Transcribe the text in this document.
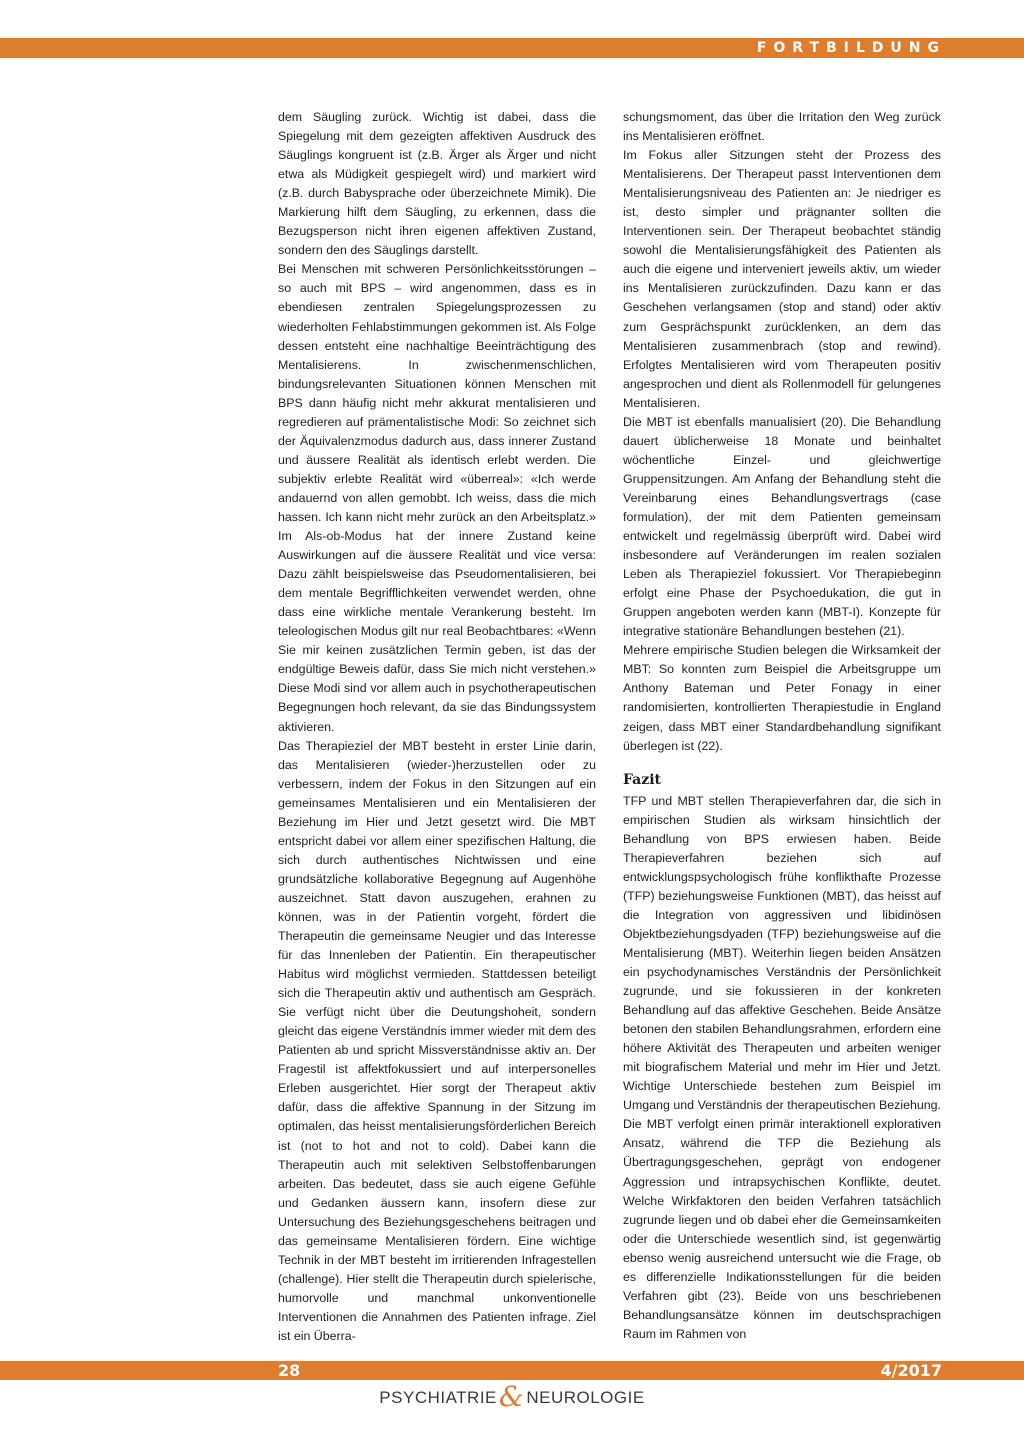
FORTBILDUNG

dem Säugling zurück. Wichtig ist dabei, dass die Spiegelung mit dem gezeigten affektiven Ausdruck des Säuglings kongruent ist (z.B. Ärger als Ärger und nicht etwa als Müdigkeit gespiegelt wird) und markiert wird (z.B. durch Babysprache oder überzeichnete Mimik). Die Markierung hilft dem Säugling, zu erkennen, dass die Bezugsperson nicht ihren eigenen affektiven Zustand, sondern den des Säuglings darstellt.

Bei Menschen mit schweren Persönlichkeitsstörungen – so auch mit BPS – wird angenommen, dass es in ebendiesen zentralen Spiegelungsprozessen zu wiederholten Fehlabstimmungen gekommen ist. Als Folge dessen entsteht eine nachhaltige Beeinträchtigung des Mentalisierens. In zwischenmenschlichen, bindungsrelevanten Situationen können Menschen mit BPS dann häufig nicht mehr akkurat mentalisieren und regredieren auf prämentalistische Modi: So zeichnet sich der Äquivalenzmodus dadurch aus, dass innerer Zustand und äussere Realität als identisch erlebt werden. Die subjektiv erlebte Realität wird «überreal»: «Ich werde andauernd von allen gemobbt. Ich weiss, dass die mich hassen. Ich kann nicht mehr zurück an den Arbeitsplatz.» Im Als-ob-Modus hat der innere Zustand keine Auswirkungen auf die äussere Realität und vice versa: Dazu zählt beispielsweise das Pseudomentalisieren, bei dem mentale Begrifflichkeiten verwendet werden, ohne dass eine wirkliche mentale Verankerung besteht. Im teleologischen Modus gilt nur real Beobachtbares: «Wenn Sie mir keinen zusätzlichen Termin geben, ist das der endgültige Beweis dafür, dass Sie mich nicht verstehen.» Diese Modi sind vor allem auch in psychotherapeutischen Begegnungen hoch relevant, da sie das Bindungssystem aktivieren.

Das Therapieziel der MBT besteht in erster Linie darin, das Mentalisieren (wieder-)herzustellen oder zu verbessern, indem der Fokus in den Sitzungen auf ein gemeinsames Mentalisieren und ein Mentalisieren der Beziehung im Hier und Jetzt gesetzt wird. Die MBT entspricht dabei vor allem einer spezifischen Haltung, die sich durch authentisches Nichtwissen und eine grundsätzliche kollaborative Begegnung auf Augenhöhe auszeichnet. Statt davon auszugehen, erahnen zu können, was in der Patientin vorgeht, fördert die Therapeutin die gemeinsame Neugier und das Interesse für das Innenleben der Patientin. Ein therapeutischer Habitus wird möglichst vermieden. Stattdessen beteiligt sich die Therapeutin aktiv und authentisch am Gespräch. Sie verfügt nicht über die Deutungshoheit, sondern gleicht das eigene Verständnis immer wieder mit dem des Patienten ab und spricht Missverständnisse aktiv an. Der Fragestil ist affektfokussiert und auf interpersonelles Erleben ausgerichtet. Hier sorgt der Therapeut aktiv dafür, dass die affektive Spannung in der Sitzung im optimalen, das heisst mentalisierungsförderlichen Bereich ist (not to hot and not to cold). Dabei kann die Therapeutin auch mit selektiven Selbstoffenbarungen arbeiten. Das bedeutet, dass sie auch eigene Gefühle und Gedanken äussern kann, insofern diese zur Untersuchung des Beziehungsgeschehens beitragen und das gemeinsame Mentalisieren fördern. Eine wichtige Technik in der MBT besteht im irritierenden Infragestellen (challenge). Hier stellt die Therapeutin durch spielerische, humorvolle und manchmal unkonventionelle Interventionen die Annahmen des Patienten infrage. Ziel ist ein Überra-

schungsmoment, das über die Irritation den Weg zurück ins Mentalisieren eröffnet.

Im Fokus aller Sitzungen steht der Prozess des Mentalisierens. Der Therapeut passt Interventionen dem Mentalisierungsniveau des Patienten an: Je niedriger es ist, desto simpler und prägnanter sollten die Interventionen sein. Der Therapeut beobachtet ständig sowohl die Mentalisierungsfähigkeit des Patienten als auch die eigene und interveniert jeweils aktiv, um wieder ins Mentalisieren zurückzufinden. Dazu kann er das Geschehen verlangsamen (stop and stand) oder aktiv zum Gesprächspunkt zurücklenken, an dem das Mentalisieren zusammenbrach (stop and rewind). Erfolgtes Mentalisieren wird vom Therapeuten positiv angesprochen und dient als Rollenmodell für gelungenes Mentalisieren.

Die MBT ist ebenfalls manualisiert (20). Die Behandlung dauert üblicherweise 18 Monate und beinhaltet wöchentliche Einzel- und gleichwertige Gruppensitzungen. Am Anfang der Behandlung steht die Vereinbarung eines Behandlungsvertrags (case formulation), der mit dem Patienten gemeinsam entwickelt und regelmässig überprüft wird. Dabei wird insbesondere auf Veränderungen im realen sozialen Leben als Therapieziel fokussiert. Vor Therapiebeginn erfolgt eine Phase der Psychoedukation, die gut in Gruppen angeboten werden kann (MBT-I). Konzepte für integrative stationäre Behandlungen bestehen (21).

Mehrere empirische Studien belegen die Wirksamkeit der MBT: So konnten zum Beispiel die Arbeitsgruppe um Anthony Bateman und Peter Fonagy in einer randomisierten, kontrollierten Therapiestudie in England zeigen, dass MBT einer Standardbehandlung signifikant überlegen ist (22).

Fazit

TFP und MBT stellen Therapieverfahren dar, die sich in empirischen Studien als wirksam hinsichtlich der Behandlung von BPS erwiesen haben. Beide Therapieverfahren beziehen sich auf entwicklungspsychologisch frühe konflikthafte Prozesse (TFP) beziehungsweise Funktionen (MBT), das heisst auf die Integration von aggressiven und libidinösen Objektbeziehungsdyaden (TFP) beziehungsweise auf die Mentalisierung (MBT). Weiterhin liegen beiden Ansätzen ein psychodynamisches Verständnis der Persönlichkeit zugrunde, und sie fokussieren in der konkreten Behandlung auf das affektive Geschehen. Beide Ansätze betonen den stabilen Behandlungsrahmen, erfordern eine höhere Aktivität des Therapeuten und arbeiten weniger mit biografischem Material und mehr im Hier und Jetzt. Wichtige Unterschiede bestehen zum Beispiel im Umgang und Verständnis der therapeutischen Beziehung. Die MBT verfolgt einen primär interaktionell explorativen Ansatz, während die TFP die Beziehung als Übertragungsgeschehen, geprägt von endogener Aggression und intrapsychischen Konflikte, deutet. Welche Wirkfaktoren den beiden Verfahren tatsächlich zugrunde liegen und ob dabei eher die Gemeinsamkeiten oder die Unterschiede wesentlich sind, ist gegenwärtig ebenso wenig ausreichend untersucht wie die Frage, ob es differenzielle Indikationsstellungen für die beiden Verfahren gibt (23). Beide von uns beschriebenen Behandlungsansätze können im deutschsprachigen Raum im Rahmen von

28	4/2017
PSYCHIATRIE& NEUROLOGIE
